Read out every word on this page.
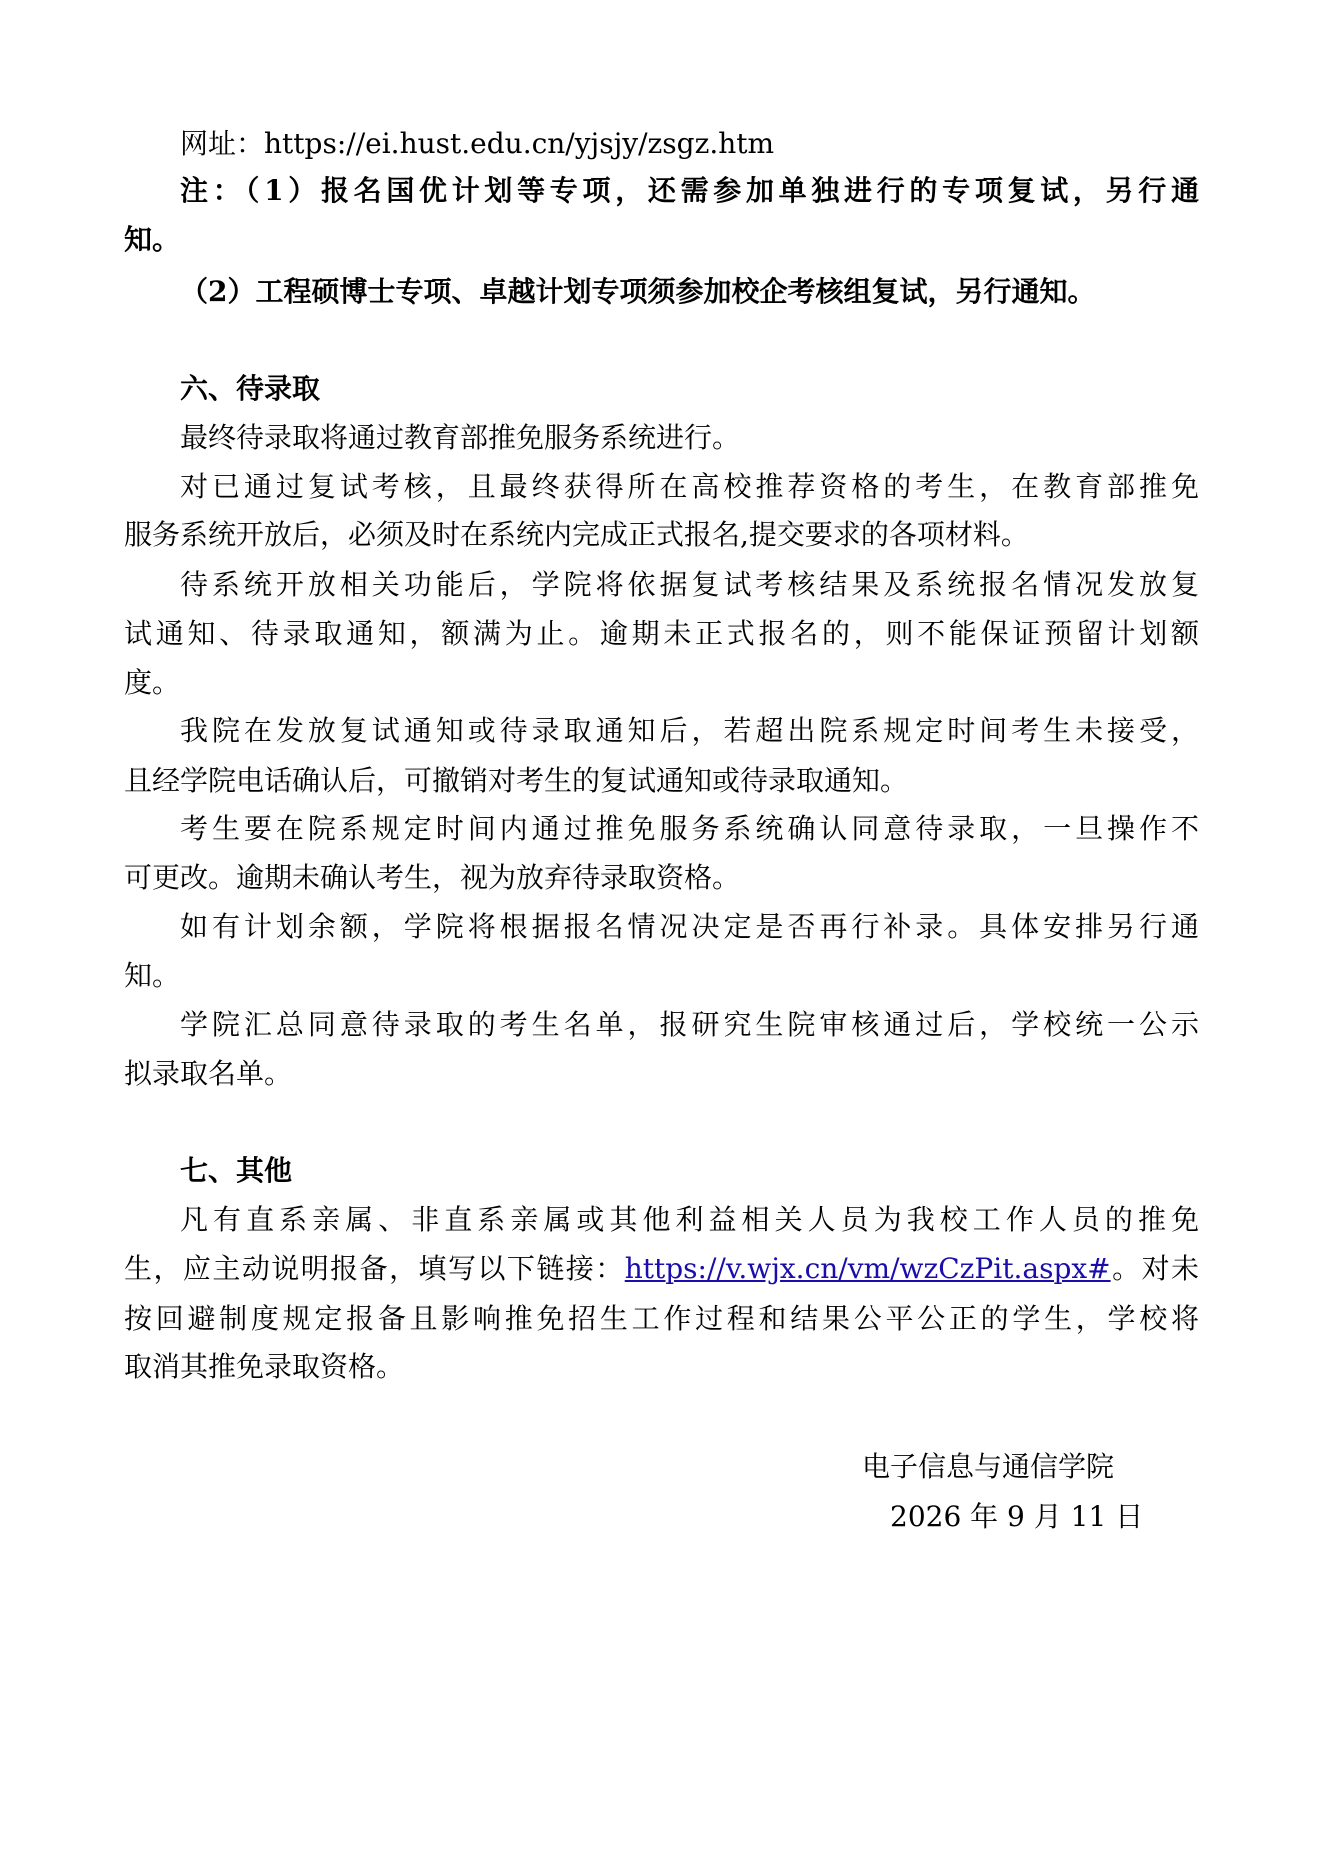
网址：https://ei.hust.edu.cn/yjsjy/zsgz.htm
注：（1）报名国优计划等专项，还需参加单独进行的专项复试，另行通
知。
（2）工程硕博士专项、卓越计划专项须参加校企考核组复试，另行通知。
六、待录取
最终待录取将通过教育部推免服务系统进行。
对已通过复试考核，且最终获得所在高校推荐资格的考生，在教育部推免
服务系统开放后，必须及时在系统内完成正式报名,提交要求的各项材料。
待系统开放相关功能后，学院将依据复试考核结果及系统报名情况发放复
试通知、待录取通知，额满为止。逾期未正式报名的，则不能保证预留计划额
度。
我院在发放复试通知或待录取通知后，若超出院系规定时间考生未接受，
且经学院电话确认后，可撤销对考生的复试通知或待录取通知。
考生要在院系规定时间内通过推免服务系统确认同意待录取，一旦操作不
可更改。逾期未确认考生，视为放弃待录取资格。
如有计划余额，学院将根据报名情况决定是否再行补录。具体安排另行通
知。
学院汇总同意待录取的考生名单，报研究生院审核通过后，学校统一公示
拟录取名单。
七、其他
凡有直系亲属、非直系亲属或其他利益相关人员为我校工作人员的推免
生，应主动说明报备，填写以下链接：https://v.wjx.cn/vm/wzCzPit.aspx#。对未
按回避制度规定报备且影响推免招生工作过程和结果公平公正的学生，学校将
取消其推免录取资格。
电子信息与通信学院
2026 年 9 月 11 日
